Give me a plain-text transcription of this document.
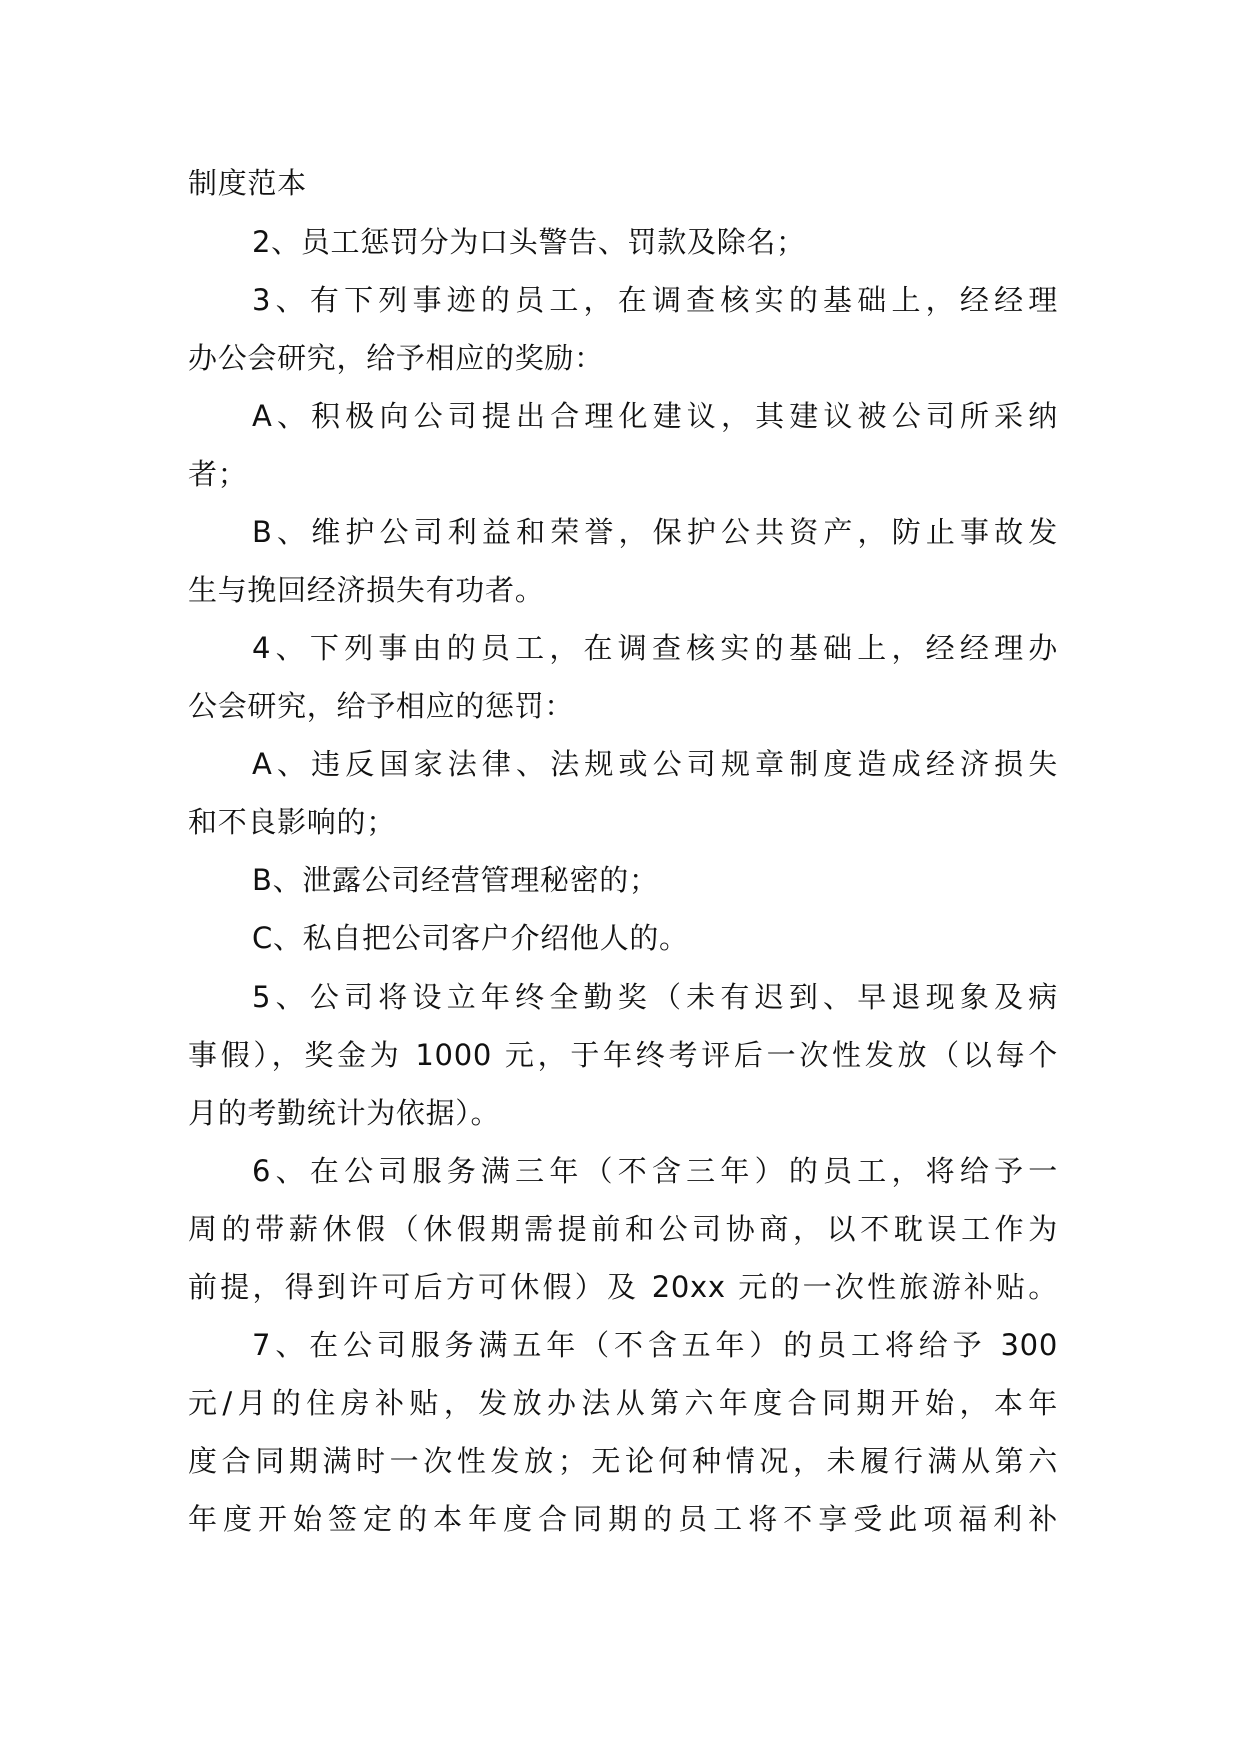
制度范本
2、员工惩罚分为口头警告、罚款及除名；
3、有下列事迹的员工，在调查核实的基础上，经经理
办公会研究，给予相应的奖励：
A、积极向公司提出合理化建议，其建议被公司所采纳
者；
B、维护公司利益和荣誉，保护公共资产，防止事故发
生与挽回经济损失有功者。
4、下列事由的员工，在调查核实的基础上，经经理办
公会研究，给予相应的惩罚：
A、违反国家法律、法规或公司规章制度造成经济损失
和不良影响的；
B、泄露公司经营管理秘密的；
C、私自把公司客户介绍他人的。
5、公司将设立年终全勤奖（未有迟到、早退现象及病
事假），奖金为 1000 元，于年终考评后一次性发放（以每个
月的考勤统计为依据）。
6、在公司服务满三年（不含三年）的员工，将给予一
周的带薪休假（休假期需提前和公司协商，以不耽误工作为
前提，得到许可后方可休假）及 20xx 元的一次性旅游补贴。
7、在公司服务满五年（不含五年）的员工将给予 300
元/月的住房补贴，发放办法从第六年度合同期开始，本年
度合同期满时一次性发放；无论何种情况，未履行满从第六
年度开始签定的本年度合同期的员工将不享受此项福利补
